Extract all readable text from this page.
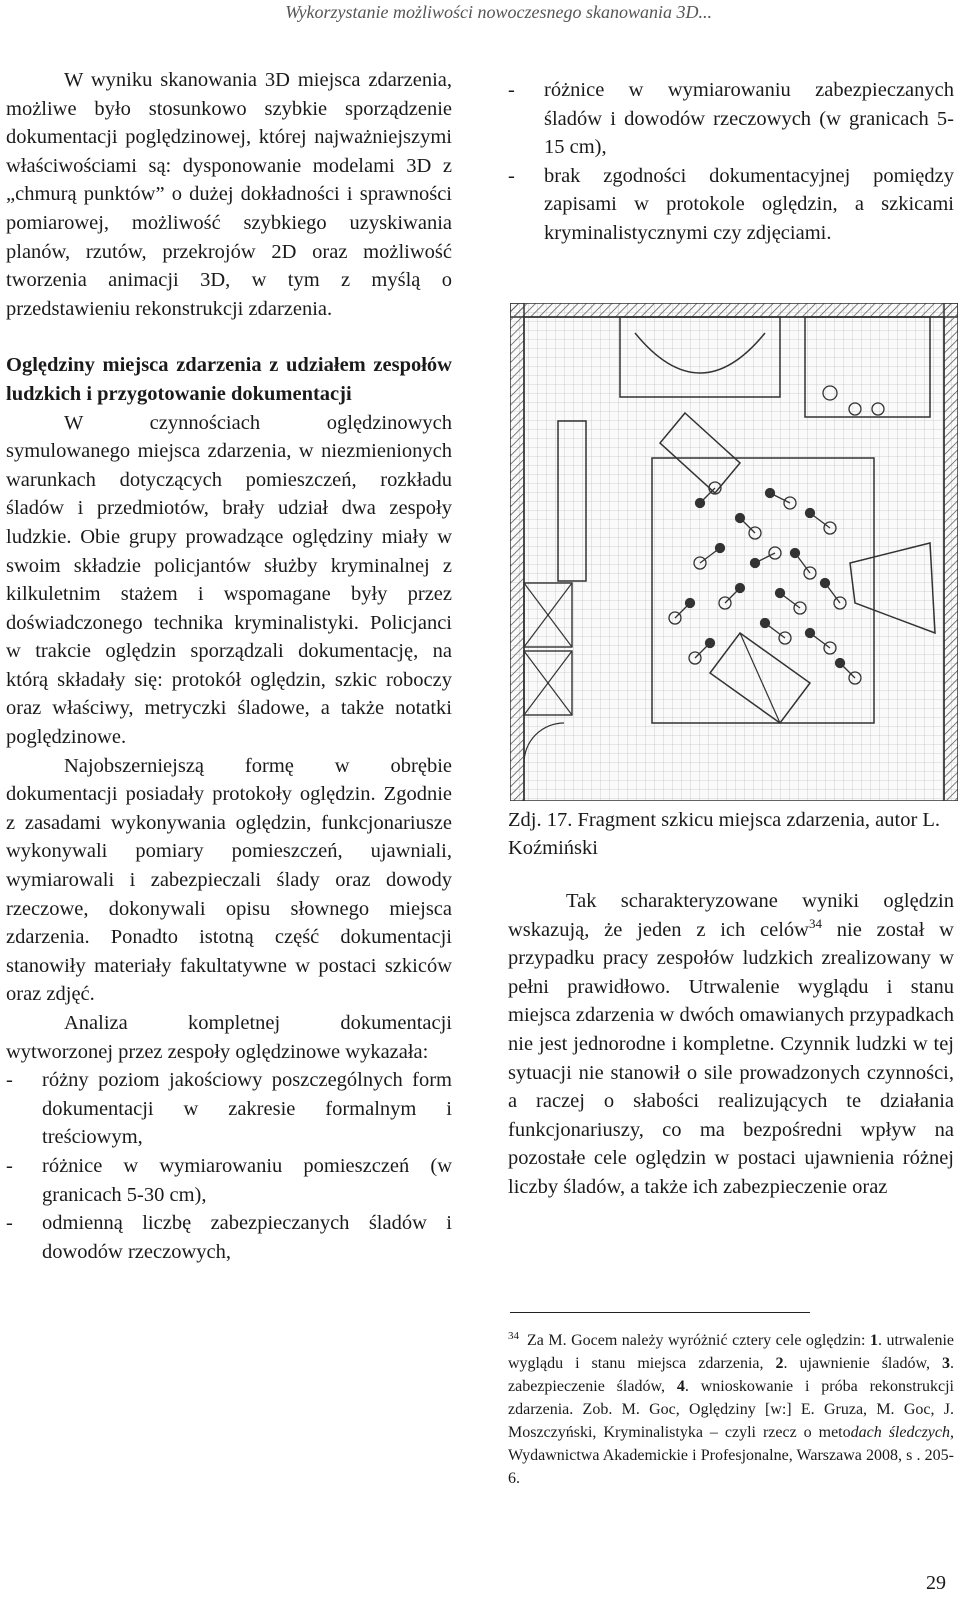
Wykorzystanie możliwości nowoczesnego skanowania 3D...

W wyniku skanowania 3D miejsca zdarzenia, możliwe było stosunkowo szybkie sporządzenie dokumentacji poględzinowej, której najważniejszymi właściwościami są: dysponowanie modelami 3D z „chmurą punktów” o dużej dokładności i sprawności pomiarowej, możliwość szybkiego uzyskiwania planów, rzutów, przekrojów 2D oraz możliwość tworzenia animacji 3D, w tym z myślą o przedstawieniu rekonstrukcji zdarzenia.

Oględziny miejsca zdarzenia z udziałem zespołów ludzkich i przygotowanie dokumentacji

W czynnościach oględzinowych symulowanego miejsca zdarzenia, w niezmienionych warunkach dotyczących pomieszczeń, rozkładu śladów i przedmiotów, brały udział dwa zespoły ludzkie. Obie grupy prowadzące oględziny miały w swoim składzie policjantów służby kryminalnej z kilkuletnim stażem i wspomagane były przez doświadczonego technika kryminalistyki. Policjanci w trakcie oględzin sporządzali dokumentację, na którą składały się: protokół oględzin, szkic roboczy oraz właściwy, metryczki śladowe, a także notatki poględzinowe.

Najobszerniejszą formę w obrębie dokumentacji posiadały protokoły oględzin. Zgodnie z zasadami wykonywania oględzin, funkcjonariusze wykonywali pomiary pomieszczeń, ujawniali, wymiarowali i zabezpieczali ślady oraz dowody rzeczowe, dokonywali opisu słownego miejsca zdarzenia. Ponadto istotną część dokumentacji stanowiły materiały fakultatywne w postaci szkiców oraz zdjęć.

Analiza kompletnej dokumentacji wytworzonej przez zespoły oględzinowe wykazała:

- różny poziom jakościowy poszczególnych form dokumentacji w zakresie formalnym i treściowym,
- różnice w wymiarowaniu pomieszczeń (w granicach 5-30 cm),
- odmienną liczbę zabezpieczanych śladów i dowodów rzeczowych,
- różnice w wymiarowaniu zabezpieczanych śladów i dowodów rzeczowych (w granicach 5-15 cm),
- brak zgodności dokumentacyjnej pomiędzy zapisami w protokole oględzin, a szkicami kryminalistycznymi czy zdjęciami.
Zdj. 17. Fragment szkicu miejsca zdarzenia, autor L. Koźmiński

Tak scharakteryzowane wyniki oględzin wskazują, że jeden z ich celów$^{34}$ nie został w przypadku pracy zespołów ludzkich zrealizowany w pełni prawidłowo. Utrwalenie wyglądu i stanu miejsca zdarzenia w dwóch omawianych przypadkach nie jest jednorodne i kompletne. Czynnik ludzki w tej sytuacji nie stanowił o sile prowadzonych czynności, a raczej o słabości realizujących te działania funkcjonariuszy, co ma bezpośredni wpływ na pozostałe cele oględzin w postaci ujawnienia różnej liczby śladów, a także ich zabezpieczenie oraz

$^{34}$ Za M. Gocem należy wyróżnić cztery cele oględzin: 1. utrwalenie wyglądu i stanu miejsca zdarzenia, 2. ujawnienie śladów, 3. zabezpieczenie śladów, 4. wnioskowanie i próba rekonstrukcji zdarzenia. Zob. M. Goc, Oględziny [w:] E. Gruza, M. Goc, J. Moszczyński, Kryminalistyka – czyli rzecz o metodach śledczych, Wydawnictwa Akademickie i Profesjonalne, Warszawa 2008, s . 205-6.
29
